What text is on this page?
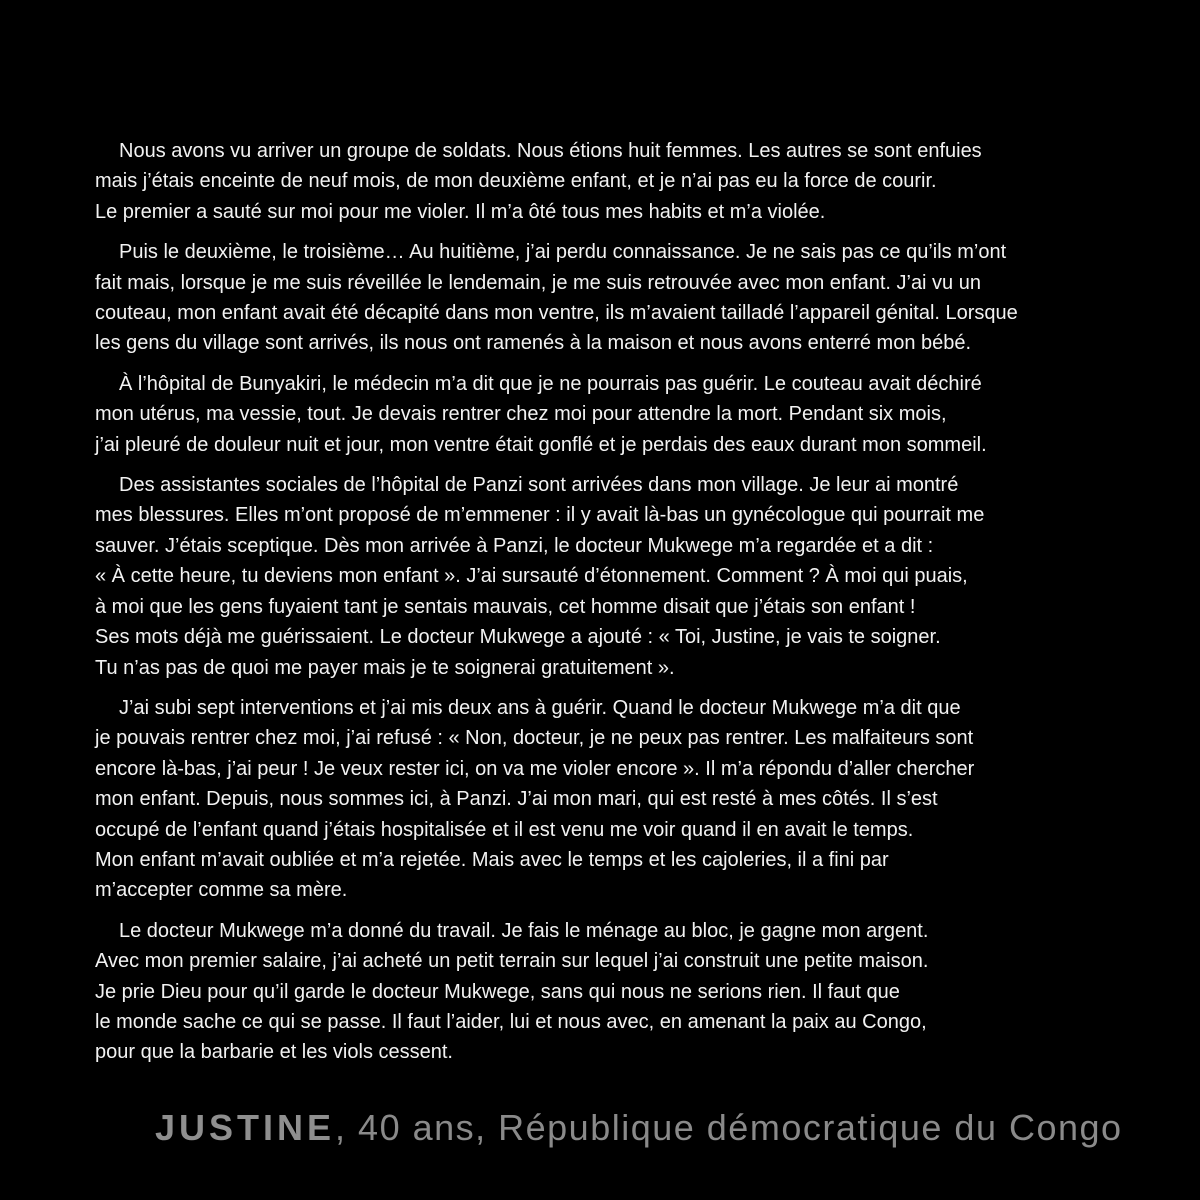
Nous avons vu arriver un groupe de soldats. Nous étions huit femmes. Les autres se sont enfuies
mais j’étais enceinte de neuf mois, de mon deuxième enfant, et je n’ai pas eu la force de courir.
Le premier a sauté sur moi pour me violer. Il m’a ôté tous mes habits et m’a violée.

Puis le deuxième, le troisième… Au huitième, j’ai perdu connaissance. Je ne sais pas ce qu’ils m’ont
fait mais, lorsque je me suis réveillée le lendemain, je me suis retrouvée avec mon enfant. J’ai vu un
couteau, mon enfant avait été décapité dans mon ventre, ils m’avaient tailladé l’appareil génital. Lorsque
les gens du village sont arrivés, ils nous ont ramenés à la maison et nous avons enterré mon bébé.

À l’hôpital de Bunyakiri, le médecin m’a dit que je ne pourrais pas guérir. Le couteau avait déchiré
mon utérus, ma vessie, tout. Je devais rentrer chez moi pour attendre la mort. Pendant six mois,
j’ai pleuré de douleur nuit et jour, mon ventre était gonflé et je perdais des eaux durant mon sommeil.

Des assistantes sociales de l’hôpital de Panzi sont arrivées dans mon village. Je leur ai montré
mes blessures. Elles m’ont proposé de m’emmener : il y avait là-bas un gynécologue qui pourrait me
sauver. J’étais sceptique. Dès mon arrivée à Panzi, le docteur Mukwege m’a regardée et a dit :
« À cette heure, tu deviens mon enfant ». J’ai sursauté d’étonnement. Comment ? À moi qui puais,
à moi que les gens fuyaient tant je sentais mauvais, cet homme disait que j’étais son enfant !
Ses mots déjà me guérissaient. Le docteur Mukwege a ajouté : « Toi, Justine, je vais te soigner.
Tu n’as pas de quoi me payer mais je te soignerai gratuitement ».

J’ai subi sept interventions et j’ai mis deux ans à guérir. Quand le docteur Mukwege m’a dit que
je pouvais rentrer chez moi, j’ai refusé : « Non, docteur, je ne peux pas rentrer. Les malfaiteurs sont
encore là-bas, j’ai peur ! Je veux rester ici, on va me violer encore ». Il m’a répondu d’aller chercher
mon enfant. Depuis, nous sommes ici, à Panzi. J’ai mon mari, qui est resté à mes côtés. Il s’est
occupé de l’enfant quand j’étais hospitalisée et il est venu me voir quand il en avait le temps.
Mon enfant m’avait oubliée et m’a rejetée. Mais avec le temps et les cajoleries, il a fini par
m’accepter comme sa mère.

Le docteur Mukwege m’a donné du travail. Je fais le ménage au bloc, je gagne mon argent.
Avec mon premier salaire, j’ai acheté un petit terrain sur lequel j’ai construit une petite maison.
Je prie Dieu pour qu’il garde le docteur Mukwege, sans qui nous ne serions rien. Il faut que
le monde sache ce qui se passe. Il faut l’aider, lui et nous avec, en amenant la paix au Congo,
pour que la barbarie et les viols cessent.

JUSTINE, 40 ans, République démocratique du Congo
